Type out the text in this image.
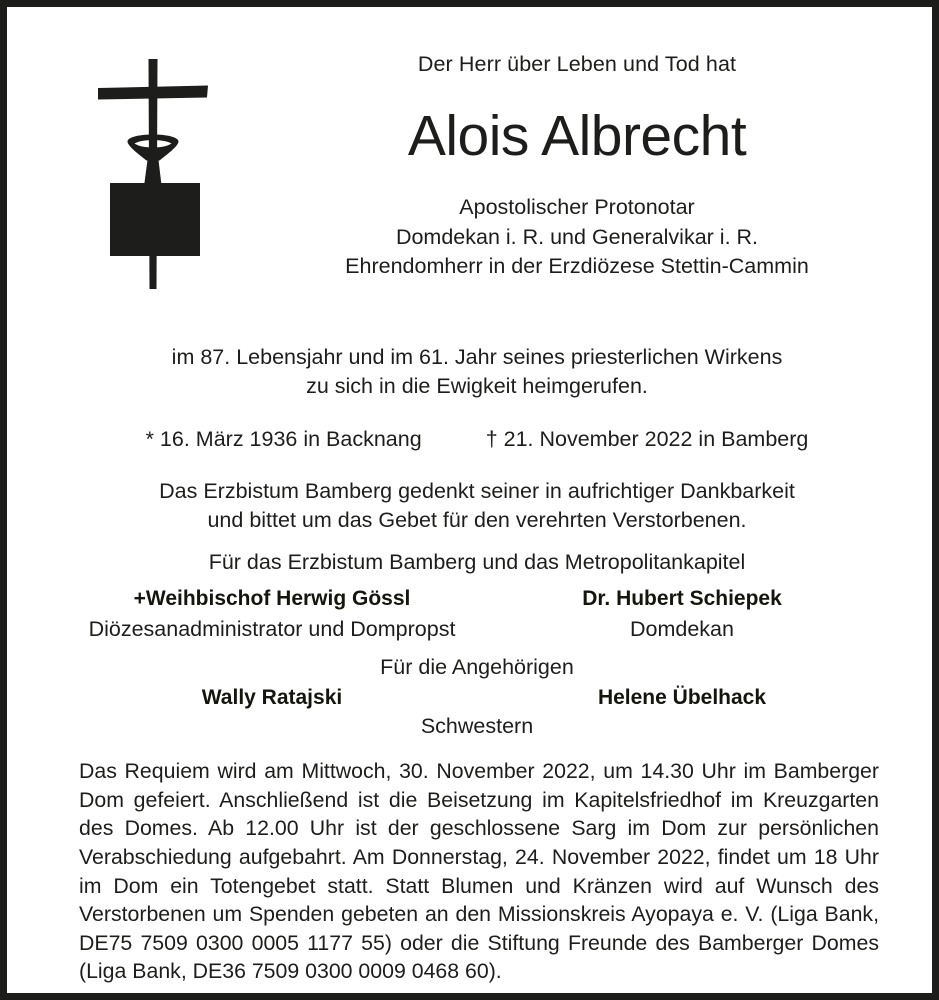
Der Herr über Leben und Tod hat
Alois Albrecht
Apostolischer Protonotar
Domdekan i. R. und Generalvikar i. R.
Ehrendomherr in der Erzdiözese Stettin-Cammin
im 87. Lebensjahr und im 61. Jahr seines priesterlichen Wirkens
zu sich in die Ewigkeit heimgerufen.
* 16. März 1936 in Backnang	† 21. November 2022 in Bamberg
Das Erzbistum Bamberg gedenkt seiner in aufrichtiger Dankbarkeit
und bittet um das Gebet für den verehrten Verstorbenen.
Für das Erzbistum Bamberg und das Metropolitankapitel
+Weihbischof Herwig Gössl
Diözesanadministrator und Dompropst
Dr. Hubert Schiepek
Domdekan
Für die Angehörigen
Wally Ratajski	Helene Übelhack
Schwestern
Das Requiem wird am Mittwoch, 30. November 2022, um 14.30 Uhr im Bamberger Dom gefeiert. Anschließend ist die Beisetzung im Kapitelsfriedhof im Kreuzgarten des Domes. Ab 12.00 Uhr ist der geschlossene Sarg im Dom zur persönlichen Verabschiedung aufgebahrt. Am Donnerstag, 24. November 2022, findet um 18 Uhr im Dom ein Totengebet statt. Statt Blumen und Kränzen wird auf Wunsch des Verstorbenen um Spenden gebeten an den Missionskreis Ayopaya e. V. (Liga Bank, DE75 7509 0300 0005 1177 55) oder die Stiftung Freunde des Bamberger Domes (Liga Bank, DE36 7509 0300 0009 0468 60).
